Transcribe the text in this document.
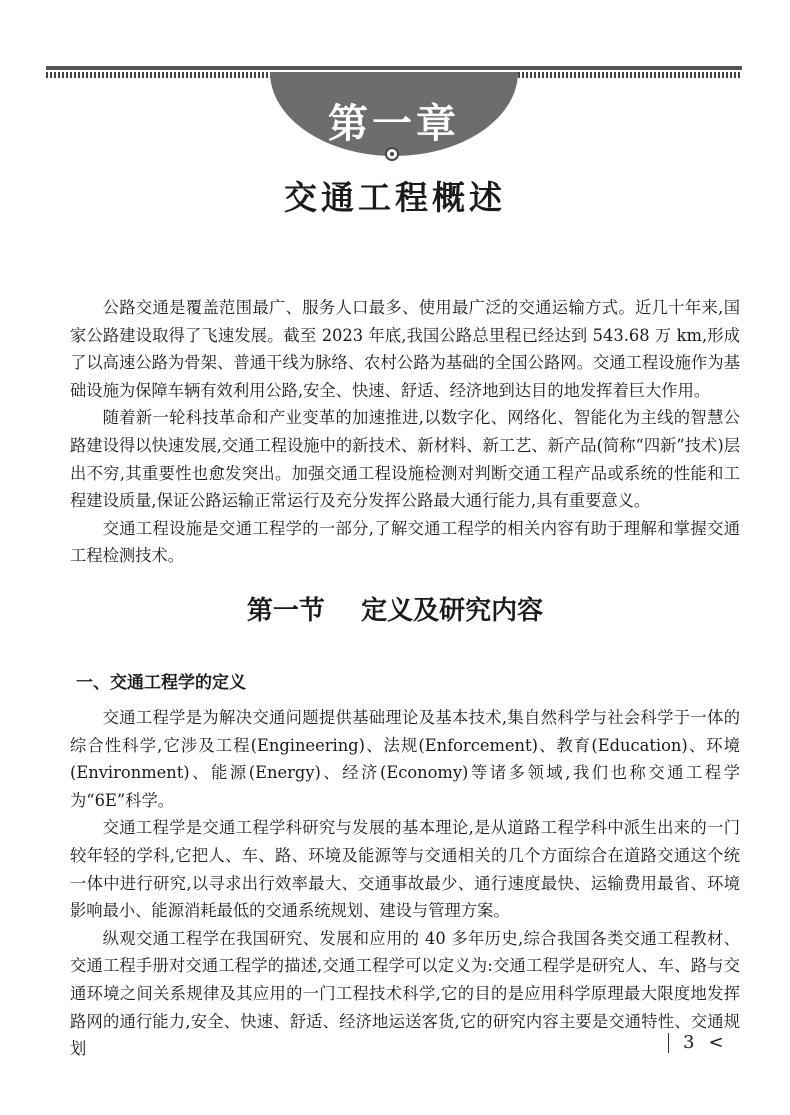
第一章
交通工程概述

公路交通是覆盖范围最广、服务人口最多、使用最广泛的交通运输方式。近几十年来,国家公路建设取得了飞速发展。截至 2023 年底,我国公路总里程已经达到 543.68 万 km,形成了以高速公路为骨架、普通干线为脉络、农村公路为基础的全国公路网。交通工程设施作为基础设施为保障车辆有效利用公路,安全、快速、舒适、经济地到达目的地发挥着巨大作用。

随着新一轮科技革命和产业变革的加速推进,以数字化、网络化、智能化为主线的智慧公路建设得以快速发展,交通工程设施中的新技术、新材料、新工艺、新产品(简称“四新”技术)层出不穷,其重要性也愈发突出。加强交通工程设施检测对判断交通工程产品或系统的性能和工程建设质量,保证公路运输正常运行及充分发挥公路最大通行能力,具有重要意义。

交通工程设施是交通工程学的一部分,了解交通工程学的相关内容有助于理解和掌握交通工程检测技术。

第一节    定义及研究内容
一、交通工程学的定义

交通工程学是为解决交通问题提供基础理论及基本技术,集自然科学与社会科学于一体的综合性科学,它涉及工程(Engineering)、法规(Enforcement)、教育(Education)、环境(Environment)、能源(Energy)、经济(Economy)等诸多领域,我们也称交通工程学为“6E”科学。

交通工程学是交通工程学科研究与发展的基本理论,是从道路工程学科中派生出来的一门较年轻的学科,它把人、车、路、环境及能源等与交通相关的几个方面综合在道路交通这个统一体中进行研究,以寻求出行效率最大、交通事故最少、通行速度最快、运输费用最省、环境影响最小、能源消耗最低的交通系统规划、建设与管理方案。

纵观交通工程学在我国研究、发展和应用的 40 多年历史,综合我国各类交通工程教材、交通工程手册对交通工程学的描述,交通工程学可以定义为:交通工程学是研究人、车、路与交通环境之间关系规律及其应用的一门工程技术科学,它的目的是应用科学原理最大限度地发挥路网的通行能力,安全、快速、舒适、经济地运送客货,它的研究内容主要是交通特性、交通规划	3 <
